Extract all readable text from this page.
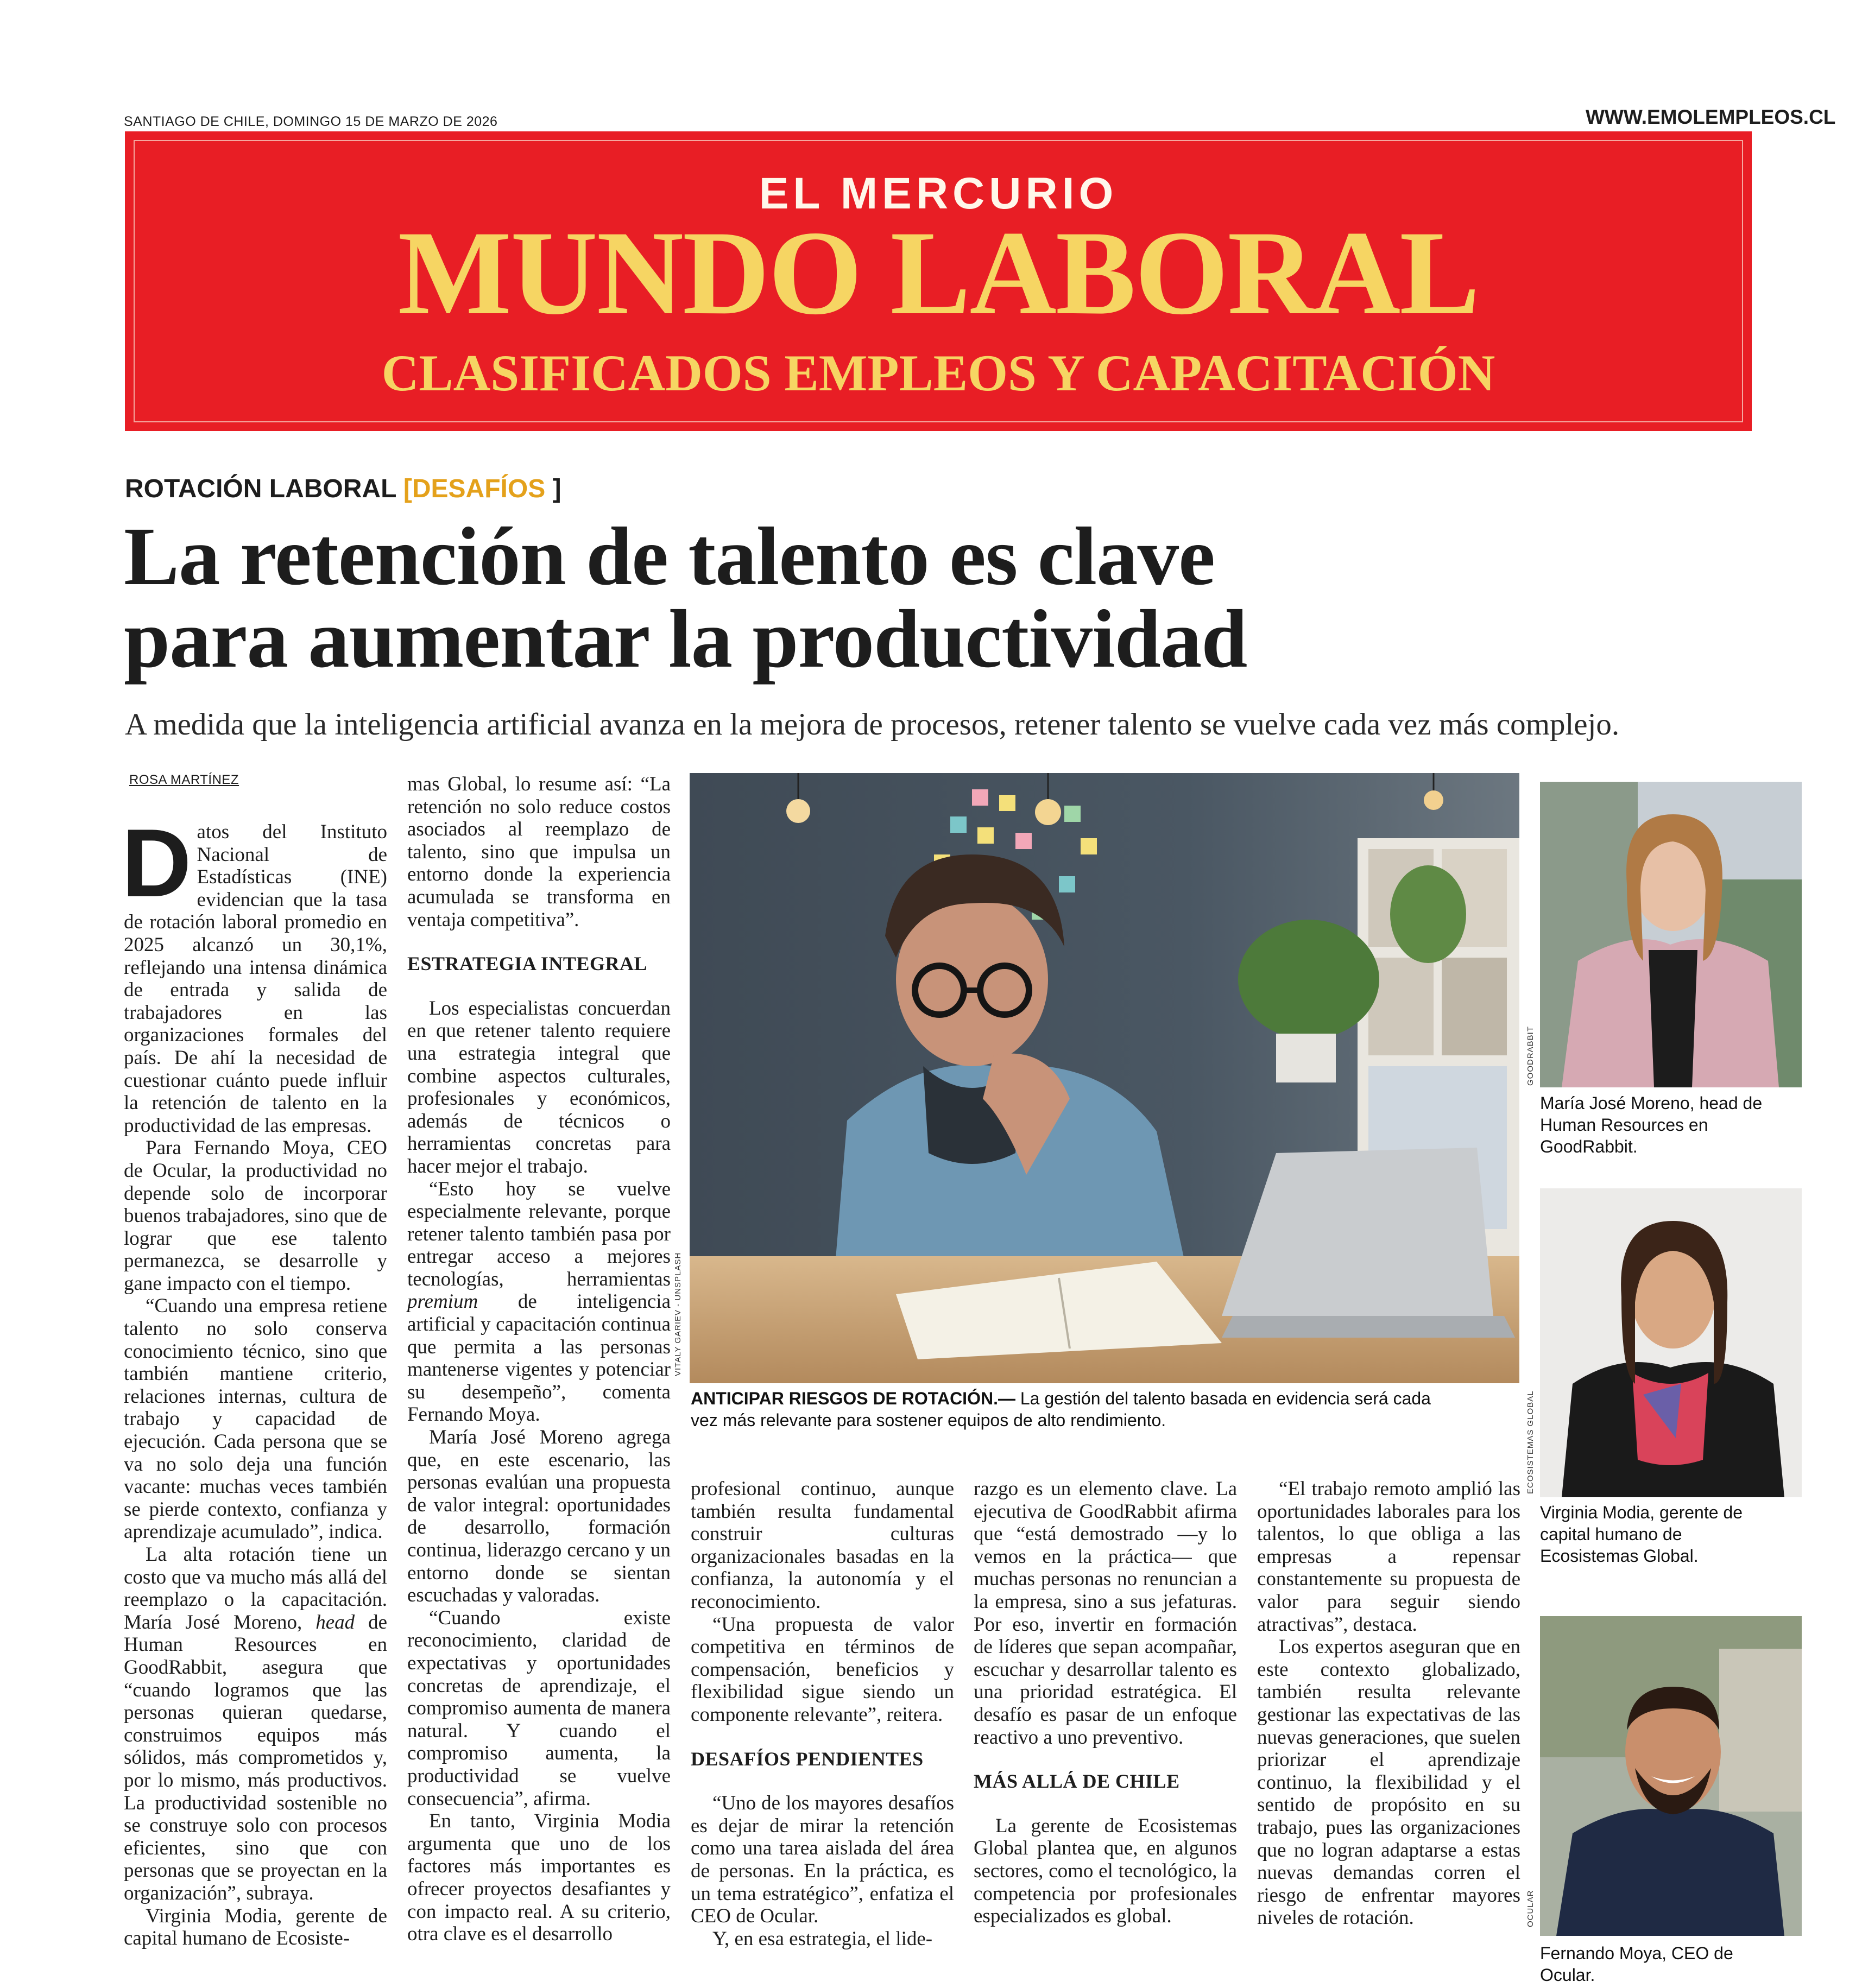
SANTIAGO DE CHILE, DOMINGO 15 DE MARZO DE 2026	WWW.EMOLEMPLEOS.CL
EL MERCURIO
MUNDO LABORAL
CLASIFICADOS EMPLEOS Y CAPACITACIÓN
ROTACIÓN LABORAL [DESAFÍOS ]
La retención de talento es clave
para aumentar la productividad
A medida que la inteligencia artificial avanza en la mejora de procesos, retener talento se vuelve cada vez más complejo.
ROSA MARTÍNEZ
D atos del Instituto Nacional de Estadísticas (INE) evidencian que la tasa de rotación laboral promedio en 2025 alcanzó un 30,1%, reflejando una intensa dinámica de entrada y salida de trabajadores en las organizaciones formales del país. De ahí la necesidad de cuestionar cuánto puede influir la retención de talento en la productividad de las empresas.

Para Fernando Moya, CEO de Ocular, la productividad no depende solo de incorporar buenos trabajadores, sino que de lograr que ese talento permanezca, se desarrolle y gane impacto con el tiempo.

“Cuando una empresa retiene talento no solo conserva conocimiento técnico, sino que también mantiene criterio, relaciones internas, cultura de trabajo y capacidad de ejecución. Cada persona que se va no solo deja una función vacante: muchas veces también se pierde contexto, confianza y aprendizaje acumulado”, indica.

La alta rotación tiene un costo que va mucho más allá del reemplazo o la capacitación. María José Moreno, head de Human Resources en GoodRabbit, asegura que “cuando logramos que las personas quieran quedarse, construimos equipos más sólidos, más comprometidos y, por lo mismo, más productivos. La productividad sostenible no se construye solo con procesos eficientes, sino que con personas que se proyectan en la organización”, subraya.

Virginia Modia, gerente de capital humano de Ecosiste-

mas Global, lo resume así: “La retención no solo reduce costos asociados al reemplazo de talento, sino que impulsa un entorno donde la experiencia acumulada se transforma en ventaja competitiva”.

ESTRATEGIA INTEGRAL

Los especialistas concuerdan en que retener talento requiere una estrategia integral que combine aspectos culturales, profesionales y económicos, además de técnicos o herramientas concretas para hacer mejor el trabajo.

“Esto hoy se vuelve especialmente relevante, porque retener talento también pasa por entregar acceso a mejores tecnologías, herramientas premium de inteligencia artificial y capacitación continua que permita a las personas mantenerse vigentes y potenciar su desempeño”, comenta Fernando Moya.

María José Moreno agrega que, en este escenario, las personas evalúan una propuesta de valor integral: oportunidades de desarrollo, formación continua, liderazgo cercano y un entorno donde se sientan escuchadas y valoradas.

“Cuando existe reconocimiento, claridad de expectativas y oportunidades concretas de aprendizaje, el compromiso aumenta de manera natural. Y cuando el compromiso aumenta, la productividad se vuelve consecuencia”, afirma.

En tanto, Virginia Modia argumenta que uno de los factores más importantes es ofrecer proyectos desafiantes y con impacto real. A su criterio, otra clave es el desarrollo

VITALY GARIEV - UNSPLASH
ANTICIPAR RIESGOS DE ROTACIÓN.— La gestión del talento basada en evidencia será cada vez más relevante para sostener equipos de alto rendimiento.

profesional continuo, aunque también resulta fundamental construir culturas organizacionales basadas en la confianza, la autonomía y el reconocimiento.

“Una propuesta de valor competitiva en términos de compensación, beneficios y flexibilidad sigue siendo un componente relevante”, reitera.

DESAFÍOS PENDIENTES

“Uno de los mayores desafíos es dejar de mirar la retención como una tarea aislada del área de personas. En la práctica, es un tema estratégico”, enfatiza el CEO de Ocular.

Y, en esa estrategia, el lide-

razgo es un elemento clave. La ejecutiva de GoodRabbit afirma que “está demostrado —y lo vemos en la práctica— que muchas personas no renuncian a la empresa, sino a sus jefaturas. Por eso, invertir en formación de líderes que sepan acompañar, escuchar y desarrollar talento es una prioridad estratégica. El desafío es pasar de un enfoque reactivo a uno preventivo.

MÁS ALLÁ DE CHILE

La gerente de Ecosistemas Global plantea que, en algunos sectores, como el tecnológico, la competencia por profesionales especializados es global.

“El trabajo remoto amplió las oportunidades laborales para los talentos, lo que obliga a las empresas a repensar constantemente su propuesta de valor para seguir siendo atractivas”, destaca.

Los expertos aseguran que en este contexto globalizado, también resulta relevante gestionar las expectativas de las nuevas generaciones, que suelen priorizar el aprendizaje continuo, la flexibilidad y el sentido de propósito en su trabajo, pues las organizaciones que no logran adaptarse a estas nuevas demandas corren el riesgo de enfrentar mayores niveles de rotación.

GOODRABBIT
María José Moreno, head de Human Resources en GoodRabbit.
ECOSISTEMAS GLOBAL
Virginia Modia, gerente de capital humano de Ecosistemas Global.
OCULAR
Fernando Moya, CEO de Ocular.
